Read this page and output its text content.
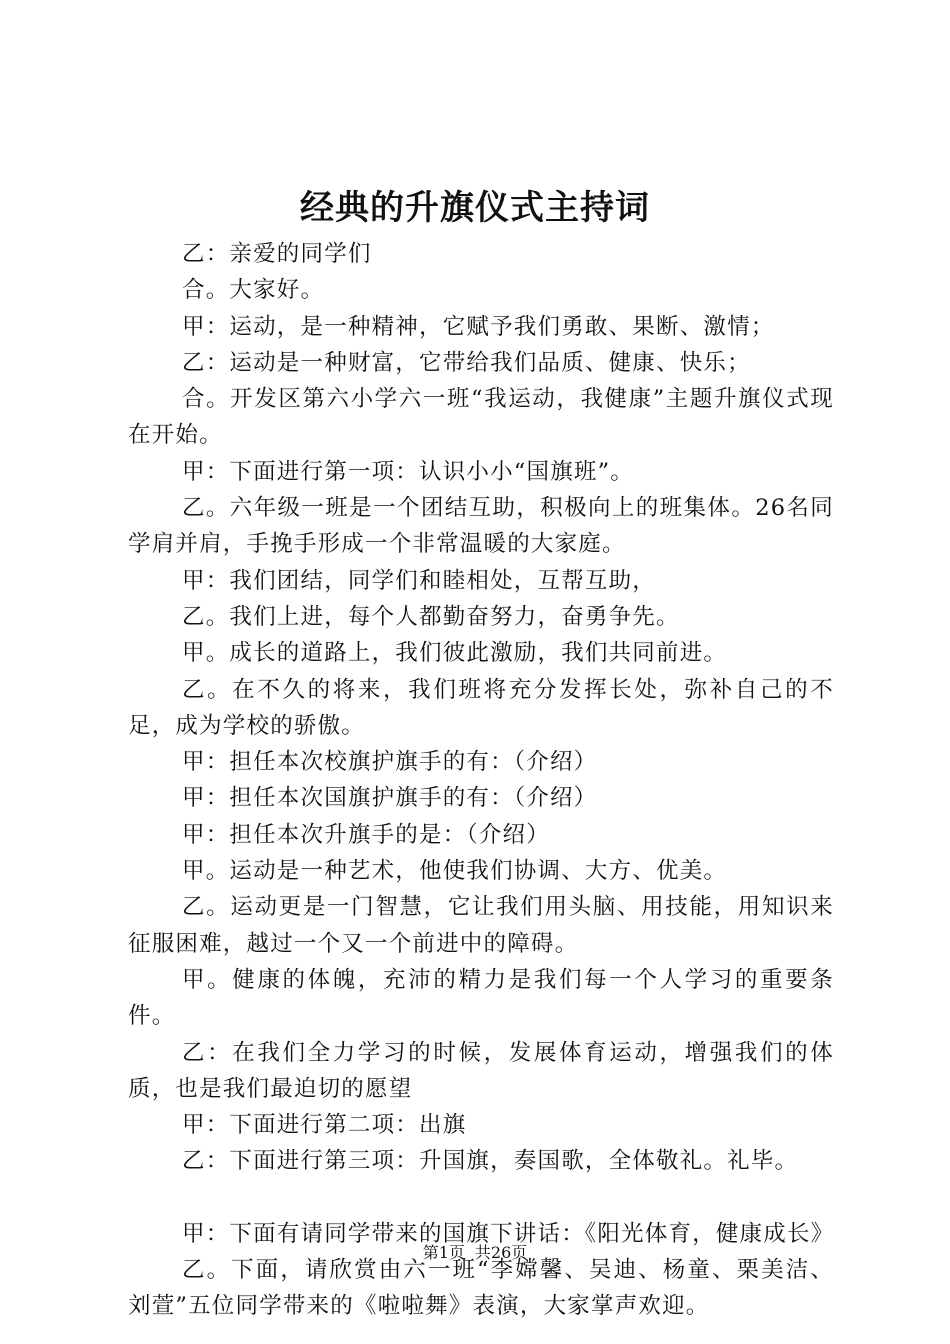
经典的升旗仪式主持词

乙：亲爱的同学们

合。大家好。

甲：运动，是一种精神，它赋予我们勇敢、果断、激情；

乙：运动是一种财富，它带给我们品质、健康、快乐；

合。开发区第六小学六一班“我运动，我健康”主题升旗仪式现在开始。

甲：下面进行第一项：认识小小“国旗班”。

乙。六年级一班是一个团结互助，积极向上的班集体。26名同学肩并肩，手挽手形成一个非常温暖的大家庭。

甲：我们团结，同学们和睦相处，互帮互助，

乙。我们上进，每个人都勤奋努力，奋勇争先。

甲。成长的道路上，我们彼此激励，我们共同前进。

乙。在不久的将来，我们班将充分发挥长处，弥补自己的不足，成为学校的骄傲。

甲：担任本次校旗护旗手的有：（介绍）

甲：担任本次国旗护旗手的有：（介绍）

甲：担任本次升旗手的是：（介绍）

甲。运动是一种艺术，他使我们协调、大方、优美。

乙。运动更是一门智慧，它让我们用头脑、用技能，用知识来征服困难，越过一个又一个前进中的障碍。

甲。健康的体魄，充沛的精力是我们每一个人学习的重要条件。

乙：在我们全力学习的时候，发展体育运动，增强我们的体质，也是我们最迫切的愿望

甲：下面进行第二项：出旗

乙：下面进行第三项：升国旗，奏国歌，全体敬礼。礼毕。

甲：下面有请同学带来的国旗下讲话：《阳光体育，健康成长》

乙。下面，请欣赏由六一班“李嫦馨、吴迪、杨童、栗美洁、刘萱”五位同学带来的《啦啦舞》表演，大家掌声欢迎。

第1页 共26页
